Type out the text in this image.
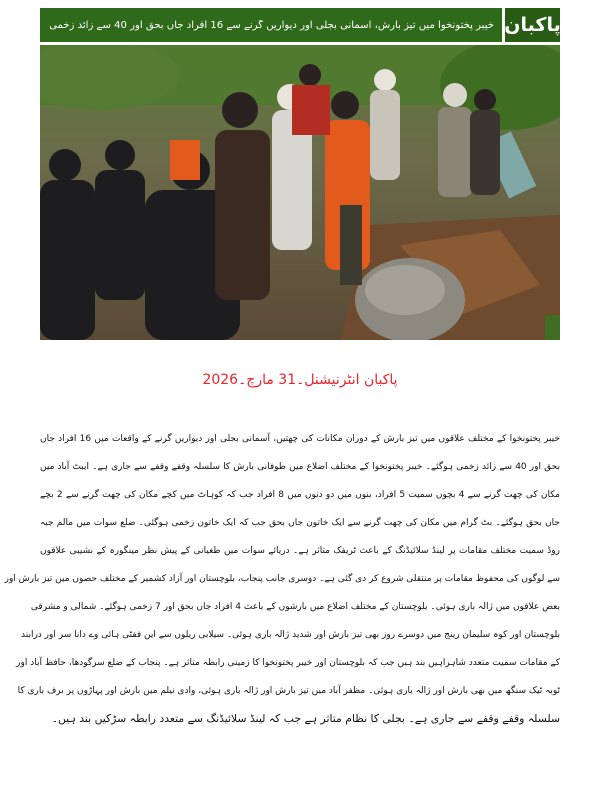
پاکبان
خیبر پختونخوا میں تیز بارش، آسمانی بجلی اور دیواریں گرنے سے 16 افراد جاں بحق اور 40 سے زائد زخمی
پاکبان انٹرنیشنل۔31 مارچ۔2026
خیبر پختونخوا کے مختلف علاقوں میں تیز بارش کے دوران مکانات کی چھتیں، آسمانی بجلی اور دیواریں گرنے کے واقعات میں 16 افراد جاں
بحق اور 40 سے زائد زخمی ہوگئے۔ خیبر پختونخوا کے مختلف اضلاع میں طوفانی بارش کا سلسلہ وقفے وقفے سے جاری ہے۔ ایبٹ آباد میں
مکان کی چھت گرنے سے 4 بچوں سمیت 5 افراد، بنوں میں دو دنوں میں 8 افراد جب کہ کوہاٹ میں کچے مکان کی چھت گرنے سے 2 بچے
جاں بحق ہوگئے۔ بٹ گرام میں مکان کی چھت گرنے سے ایک خاتون جاں بحق جب کہ ایک خاتون زخمی ہوگئی۔ ضلع سوات میں مالم جبہ
روڈ سمیت مختلف مقامات پر لینڈ سلائیڈنگ کے باعث ٹریفک متاثر ہے۔ دریائے سوات میں طغیانی کے پیش نظر مینگورہ کے نشیبی علاقوں
سے لوگوں کی محفوظ مقامات پر منتقلی شروع کر دی گئی ہے۔ دوسری جانب پنجاب، بلوچستان اور آزاد کشمیر کے مختلف حصوں میں تیز بارش اور
بعض علاقوں میں ژالہ باری ہوئی۔ بلوچستان کے مختلف اضلاع میں بارشوں کے باعث 4 افراد جاں بحق اور 7 زخمی ہوگئے۔ شمالی و مشرقی
بلوچستان اور کوہ سلیمان رینج میں دوسرے روز بھی تیز بارش اور شدید ژالہ باری ہوئی۔ سیلابی ریلوں سے این ففٹی ہائی وے دانا سر اور درابند
کے مقامات سمیت متعدد شاہراہیں بند ہیں جب کہ بلوچستان اور خیبر پختونخوا کا زمینی رابطہ متاثر ہے۔ پنجاب کے ضلع سرگودھا، حافظ آباد اور
ٹوبہ ٹیک سنگھ میں بھی بارش اور ژالہ باری ہوئی۔ مظفر آباد میں تیز بارش اور ژالہ باری ہوئی، وادی نیلم میں بارش اور پہاڑوں پر برف باری کا
سلسلہ وقفے وقفے سے جاری ہے۔ بجلی کا نظام متاثر ہے جب کہ لینڈ سلائیڈنگ سے متعدد رابطہ سڑکیں بند ہیں۔
